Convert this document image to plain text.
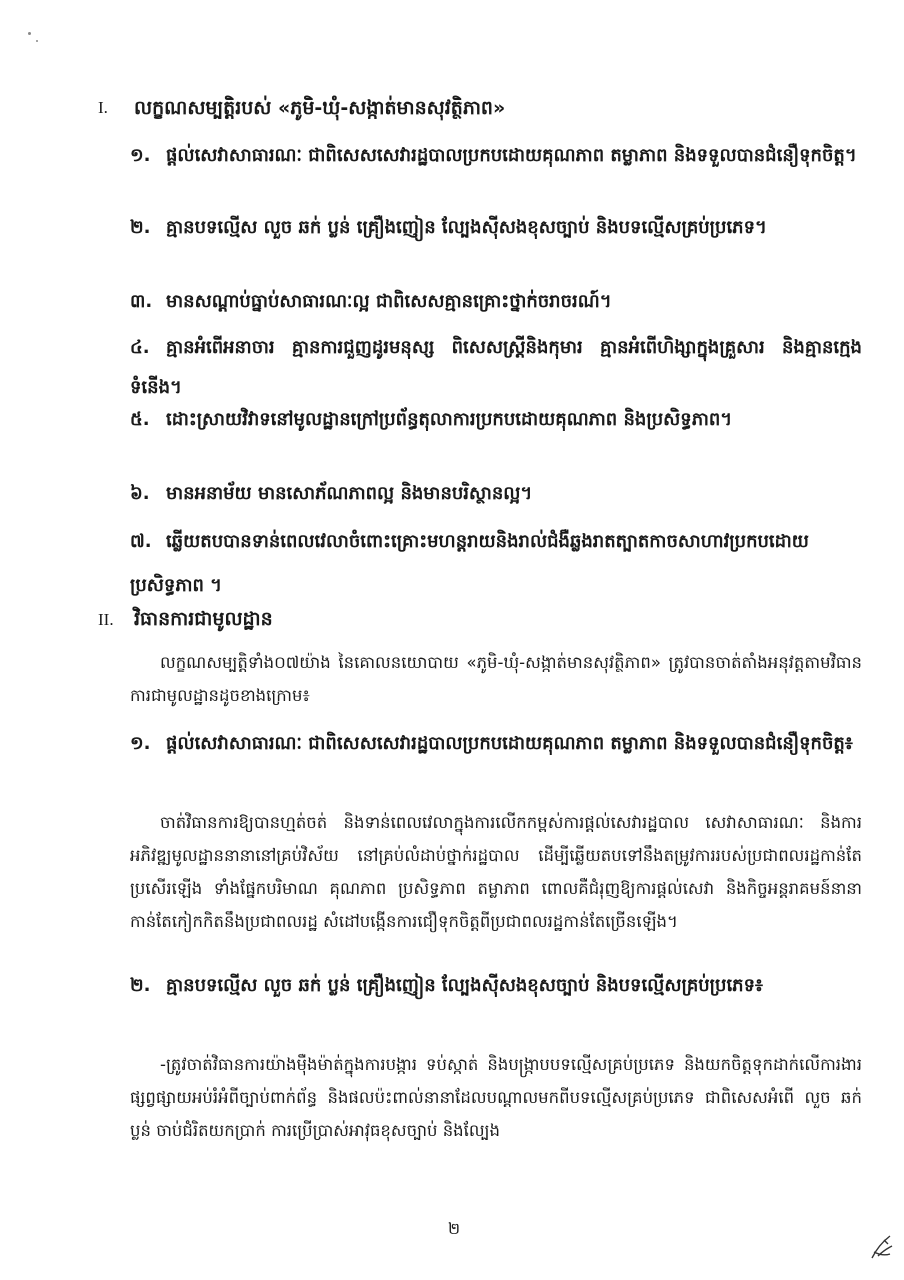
I. លក្ខណសម្បត្តិរបស់ «ភូមិ-ឃុំ-សង្កាត់មានសុវត្ថិភាព»
១. ផ្តល់សេវាសាធារណៈ ជាពិសេសសេវារដ្ឋបាលប្រកបដោយគុណភាព តម្លាភាព និងទទួលបានជំនឿទុកចិត្ត។
២. គ្មានបទល្មើស លួច ឆក់ ប្លន់ គ្រឿងញៀន ល្បែងស៊ីសងខុសច្បាប់ និងបទល្មើសគ្រប់ប្រភេទ។
៣. មានសណ្តាប់ធ្នាប់សាធារណៈល្អ ជាពិសេសគ្មានគ្រោះថ្នាក់ចរាចរណ៍។
៤. គ្មានអំពើអនាចារ គ្មានការជួញដូរមនុស្ស ពិសេសស្ត្រីនិងកុមារ គ្មានអំពើហិង្សាក្នុងគ្រួសារ និងគ្មានក្មេងទំនើង។
៥. ដោះស្រាយវិវាទនៅមូលដ្ឋានក្រៅប្រព័ន្ធតុលាការប្រកបដោយគុណភាព និងប្រសិទ្ធភាព។
៦. មានអនាម័យ មានសោភ័ណភាពល្អ និងមានបរិស្ថានល្អ។
៧. ឆ្លើយតបបានទាន់ពេលវេលាចំពោះគ្រោះមហន្តរាយនិងរាល់ជំងឺឆ្លងរាតត្បាតកាចសាហាវប្រកបដោយប្រសិទ្ធភាព ។
II. វិធានការជាមូលដ្ឋាន
លក្ខណសម្បត្តិទាំង០៧យ៉ាង នៃគោលនយោបាយ «ភូមិ-ឃុំ-សង្កាត់មានសុវត្ថិភាព» ត្រូវបានចាត់តាំងអនុវត្តតាមវិធានការជាមូលដ្ឋានដូចខាងក្រោម៖
១. ផ្តល់សេវាសាធារណៈ ជាពិសេសសេវារដ្ឋបាលប្រកបដោយគុណភាព តម្លាភាព និងទទួលបានជំនឿទុកចិត្ត៖
ចាត់វិធានការឱ្យបានហ្មត់ចត់ និងទាន់ពេលវេលាក្នុងការលើកកម្ពស់ការផ្តល់សេវារដ្ឋបាល សេវាសាធារណៈ និងការអភិវឌ្ឍមូលដ្ឋាននានានៅគ្រប់វិស័យ នៅគ្រប់លំដាប់ថ្នាក់រដ្ឋបាល ដើម្បីឆ្លើយតបទៅនឹងតម្រូវការរបស់ប្រជាពលរដ្ឋកាន់តែប្រសើរឡើង ទាំងផ្នែកបរិមាណ គុណភាព ប្រសិទ្ធភាព តម្លាភាព ពោលគឺជំរុញឱ្យការផ្តល់សេវា និងកិច្ចអន្តរាគមន៍នានាកាន់តែកៀកកិតនឹងប្រជាពលរដ្ឋ សំដៅបង្កើនការជឿទុកចិត្តពីប្រជាពលរដ្ឋកាន់តែច្រើនឡើង។
២. គ្មានបទល្មើស លួច ឆក់ ប្លន់ គ្រឿងញៀន ល្បែងស៊ីសងខុសច្បាប់ និងបទល្មើសគ្រប់ប្រភេទ៖
-ត្រូវចាត់វិធានការយ៉ាងម៉ឺងម៉ាត់ក្នុងការបង្ការ ទប់ស្កាត់ និងបង្ក្រាបបទល្មើសគ្រប់ប្រភេទ និងយកចិត្តទុកដាក់លើការងារផ្សព្វផ្សាយអប់រំអំពីច្បាប់ពាក់ព័ន្ធ និងផលប៉ះពាល់នានាដែលបណ្តាលមកពីបទល្មើសគ្រប់ប្រភេទ ជាពិសេសអំពើ លួច ឆក់ ប្លន់ ចាប់ជំរិតយកប្រាក់ ការប្រើប្រាស់អាវុធខុសច្បាប់ និងល្បែង
២
